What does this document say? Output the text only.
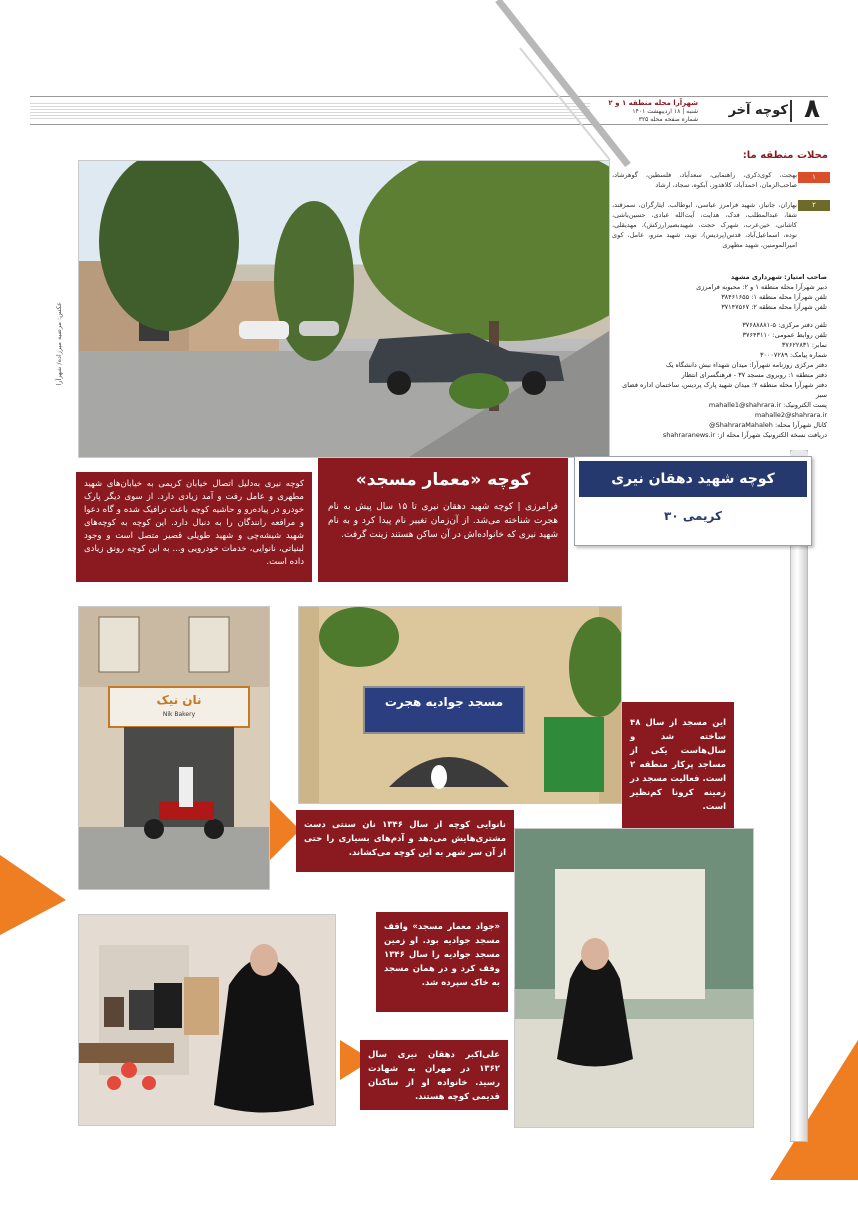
۸
کوچه آخر
شهرآرا محله منطقه ۱ و ۲
شنبه | ۱۸ اردیبهشت ۱۴۰۱
شماره صفحه محله ۳۲۵
محلات منطقه ما:
۱
بهجت، کوی‌ذکری، راهنمایی، سعدآباد، فلسطین، گوهرشاد، صاحب‌الزمان، احمدآباد، کلاهدوز، آبکوه، سجاد، ارشاد
۲
بهاران، جانباز، شهید فرامرز عباسی، ابوطالب، ایثارگران، سمزقند، شفا، عبدالمطلب، فدک، هدایت، آیت‌الله عبادی، حسین‌باشی، کاشانی، خین‌عرب، شهرک حجت، شهید‌بصیر(رزکش)، مهدیقلی، نوده، اسماعیل‌آباد، قدس(پردیس)، نوید، شهید مترو، عامل، کوی امیرالمومنین، شهید مطهری
صاحب امتیاز: شهرداری مشهد
دبیر شهرآرا محله منطقه ۱ و ۲: محبوبه فرامرزی
تلفن شهرآرا محله منطقه ۱: ۳۸۴۶۱۶۵۵
تلفن شهرآرا محله منطقه ۲: ۳۷۱۴۷۵۶۷
تلفن دفتر مرکزی: ۵-۳۷۶۸۸۸۸۱
تلفن روابط عمومی: ۳۷۶۴۳۱۱۰
نمابر: ۳۷۶۲۲۸۳۱
شماره پیامک: ۳۰۰۰۷۲۸۹
دفتر مرکزی روزنامه شهرآرا: میدان شهداء نبش دانشگاه یک
دفتر منطقه ۱: روبروی مسجد ۳۷ - فرهنگسرای انتظار
دفتر شهرآرا محله منطقه ۲: میدان شهید پارک پردیس، ساختمان اداره فضای سبز
پست الکترونیک: mahalle1@shahrara.ir
mahalle2@shahrara.ir
کانال شهرآرا محله: ShahraraMahaleh@
دریافت نسخه الکترونیک شهرآرا محله از: shahraranews.ir
عکس: مرضیه میرزاده/ شهرآرا
کوچه شهید دهقان نیری
کریمی ۳۰
کوچه «معمار مسجد»
فرامرزی | کوچه شهید دهقان نیری تا ۱۵ سال پیش به نام هجرت شناخته می‌شد. از آن‌زمان تغییر نام پیدا کرد و به نام شهید نیری که خانواده‌اش در آن ساکن هستند زینت گرفت.
کوچه نیری به‌دلیل اتصال خیابان کریمی به خیابان‌های شهید مطهری و عامل رفت و آمد زیادی دارد. از سوی دیگر پارک خودرو در پیاده‌رو و حاشیه کوچه باعث ترافیک شده و گاه دعوا و مرافعه رانندگان را به دنبال دارد. این کوچه به کوچه‌های شهید شیشه‌چی و شهید طویلی قصیر متصل است و وجود لبنیاتی، نانوایی، خدمات خودرویی و... به این کوچه رونق زیادی داده است.
نان نیک
Nik Bakery
مسجد جوادیه هجرت
این مسجد از سال ۴۸ ساخته شد و سال‌هاست یکی از مساجد پرکار منطقه ۲ است. فعالیت مسجد در زمینه کرونا کم‌نظیر است.
نانوایی کوچه از سال ۱۳۴۶ نان سنتی دست مشتری‌هایش می‌دهد و آدم‌های بسیاری را حتی از آن سر شهر به این کوچه می‌کشاند.
«جواد معمار مسجد» واقف مسجد جوادیه بود. او زمین مسجد جوادیه را سال ۱۳۴۶ وقف کرد و در همان مسجد به خاک سپرده شد.
علی‌اکبر دهقان نیری سال ۱۳۶۲ در مهران به شهادت رسید. خانواده او از ساکنان قدیمی کوچه هستند.
